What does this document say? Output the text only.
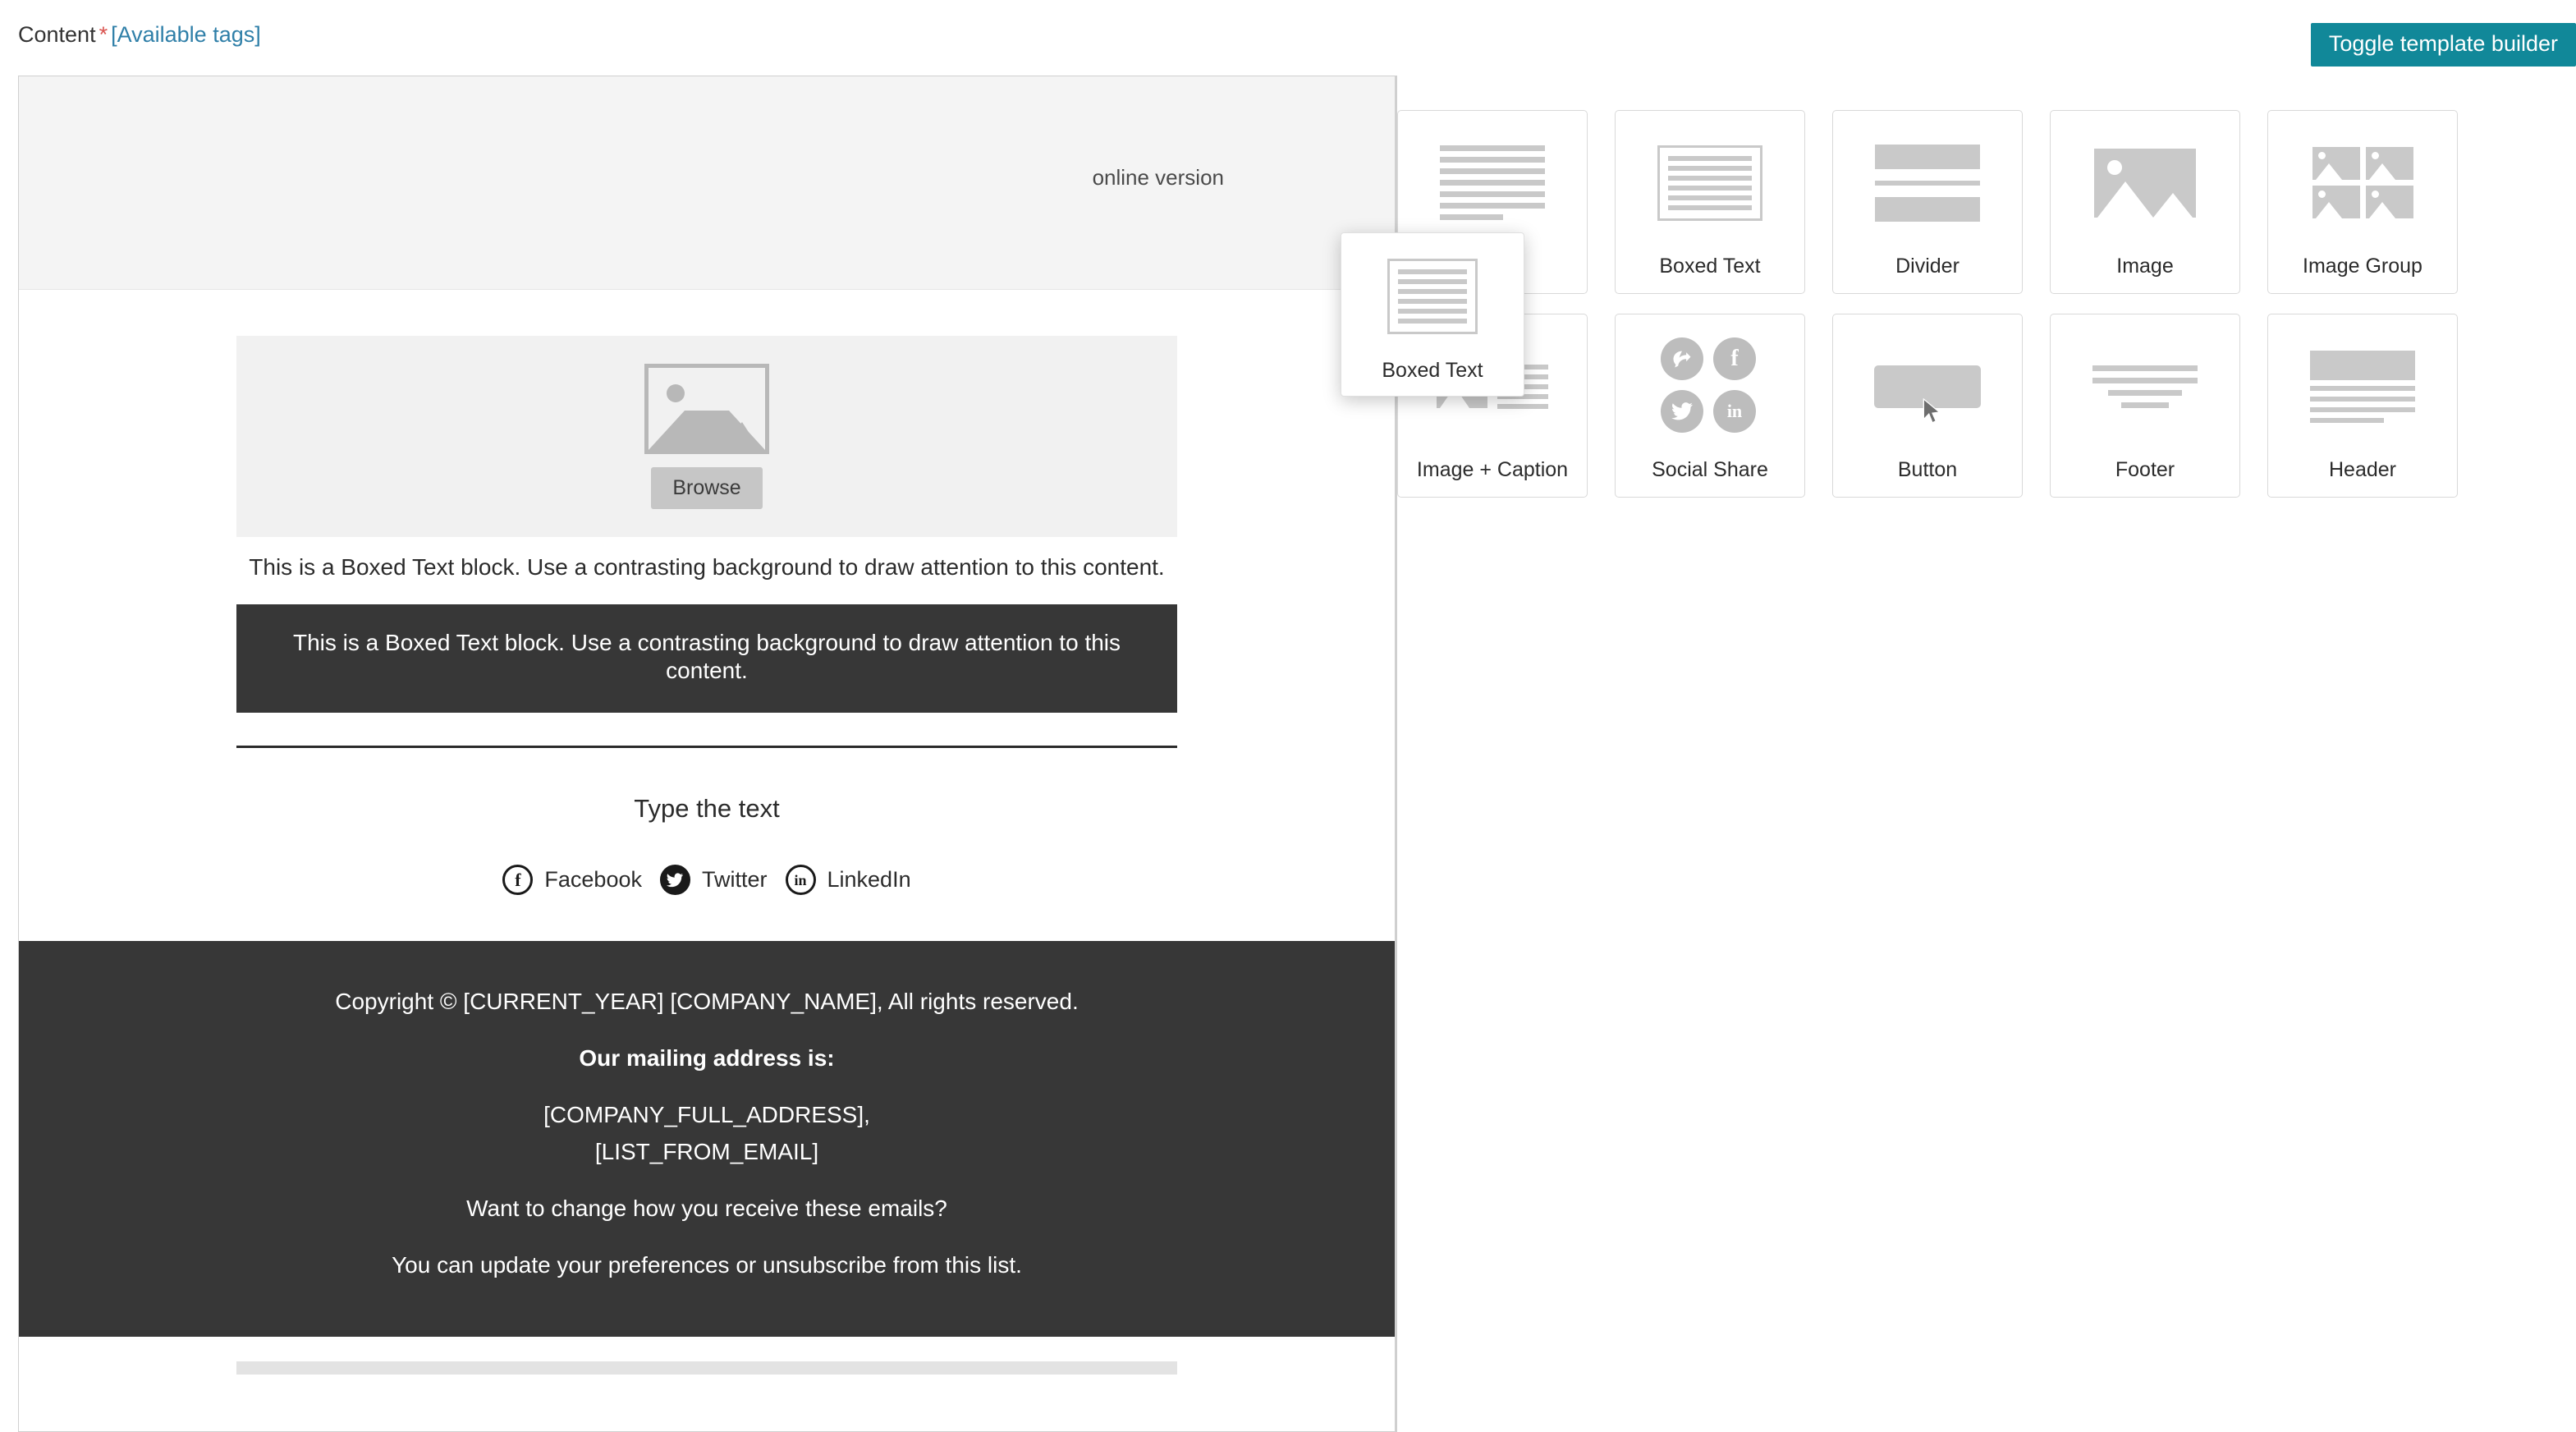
Content * [Available tags]	Toggle template builder
online version
Browse
This is a Boxed Text block. Use a contrasting background to draw attention to this content.
This is a Boxed Text block. Use a contrasting background to draw attention to this content.
Type the text
f	Facebook	Twitter	in LinkedIn

Copyright © [CURRENT_YEAR] [COMPANY_NAME], All rights reserved.

Our mailing address is:

[COMPANY_FULL_ADDRESS],

[LIST_FROM_EMAIL]

Want to change how you receive these emails?

You can update your preferences or unsubscribe from this list.

Boxed Text	Divider	Image	Image Group
Image + Caption
f
in
Social Share	Button	Footer	Header
Boxed Text
